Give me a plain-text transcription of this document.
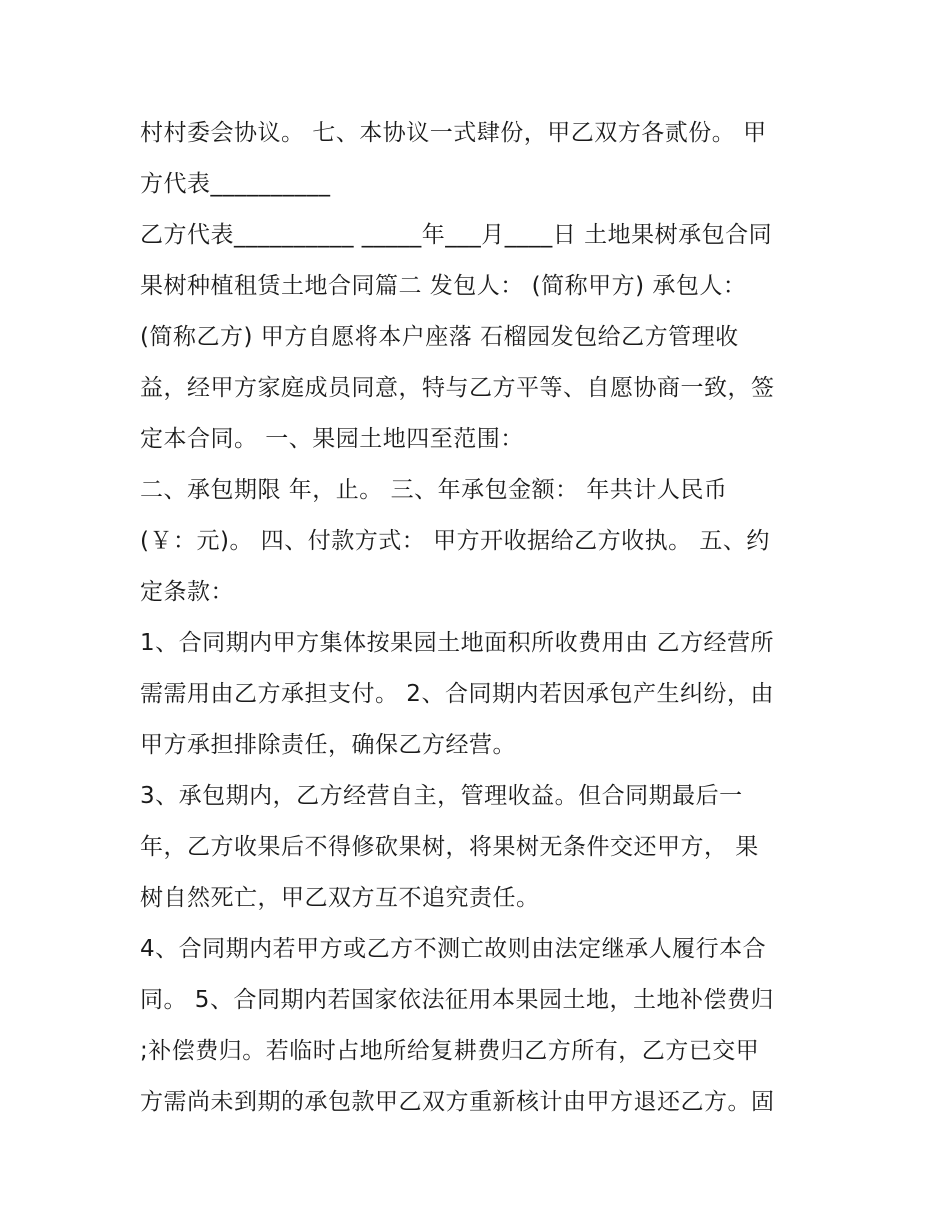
村村委会协议。 七、本协议一式肆份，甲乙双方各贰份。 甲
方代表__________
乙方代表__________ _____年___月____日 土地果树承包合同
果树种植租赁土地合同篇二 发包人： (简称甲方) 承包人：
(简称乙方) 甲方自愿将本户座落 石榴园发包给乙方管理收
益，经甲方家庭成员同意，特与乙方平等、自愿协商一致，签
定本合同。 一、果园土地四至范围：
二、承包期限 年，止。 三、年承包金额： 年共计人民币
(￥：元)。 四、付款方式： 甲方开收据给乙方收执。 五、约
定条款：
1、合同期内甲方集体按果园土地面积所收费用由 乙方经营所
需需用由乙方承担支付。 2、合同期内若因承包产生纠纷，由
甲方承担排除责任，确保乙方经营。
3、承包期内，乙方经营自主，管理收益。但合同期最后一
年，乙方收果后不得修砍果树，将果树无条件交还甲方， 果
树自然死亡，甲乙双方互不追究责任。
4、合同期内若甲方或乙方不测亡故则由法定继承人履行本合
同。 5、合同期内若国家依法征用本果园土地，土地补偿费归
;补偿费归。若临时占地所给复耕费归乙方所有，乙方已交甲
方需尚未到期的承包款甲乙双方重新核计由甲方退还乙方。固
